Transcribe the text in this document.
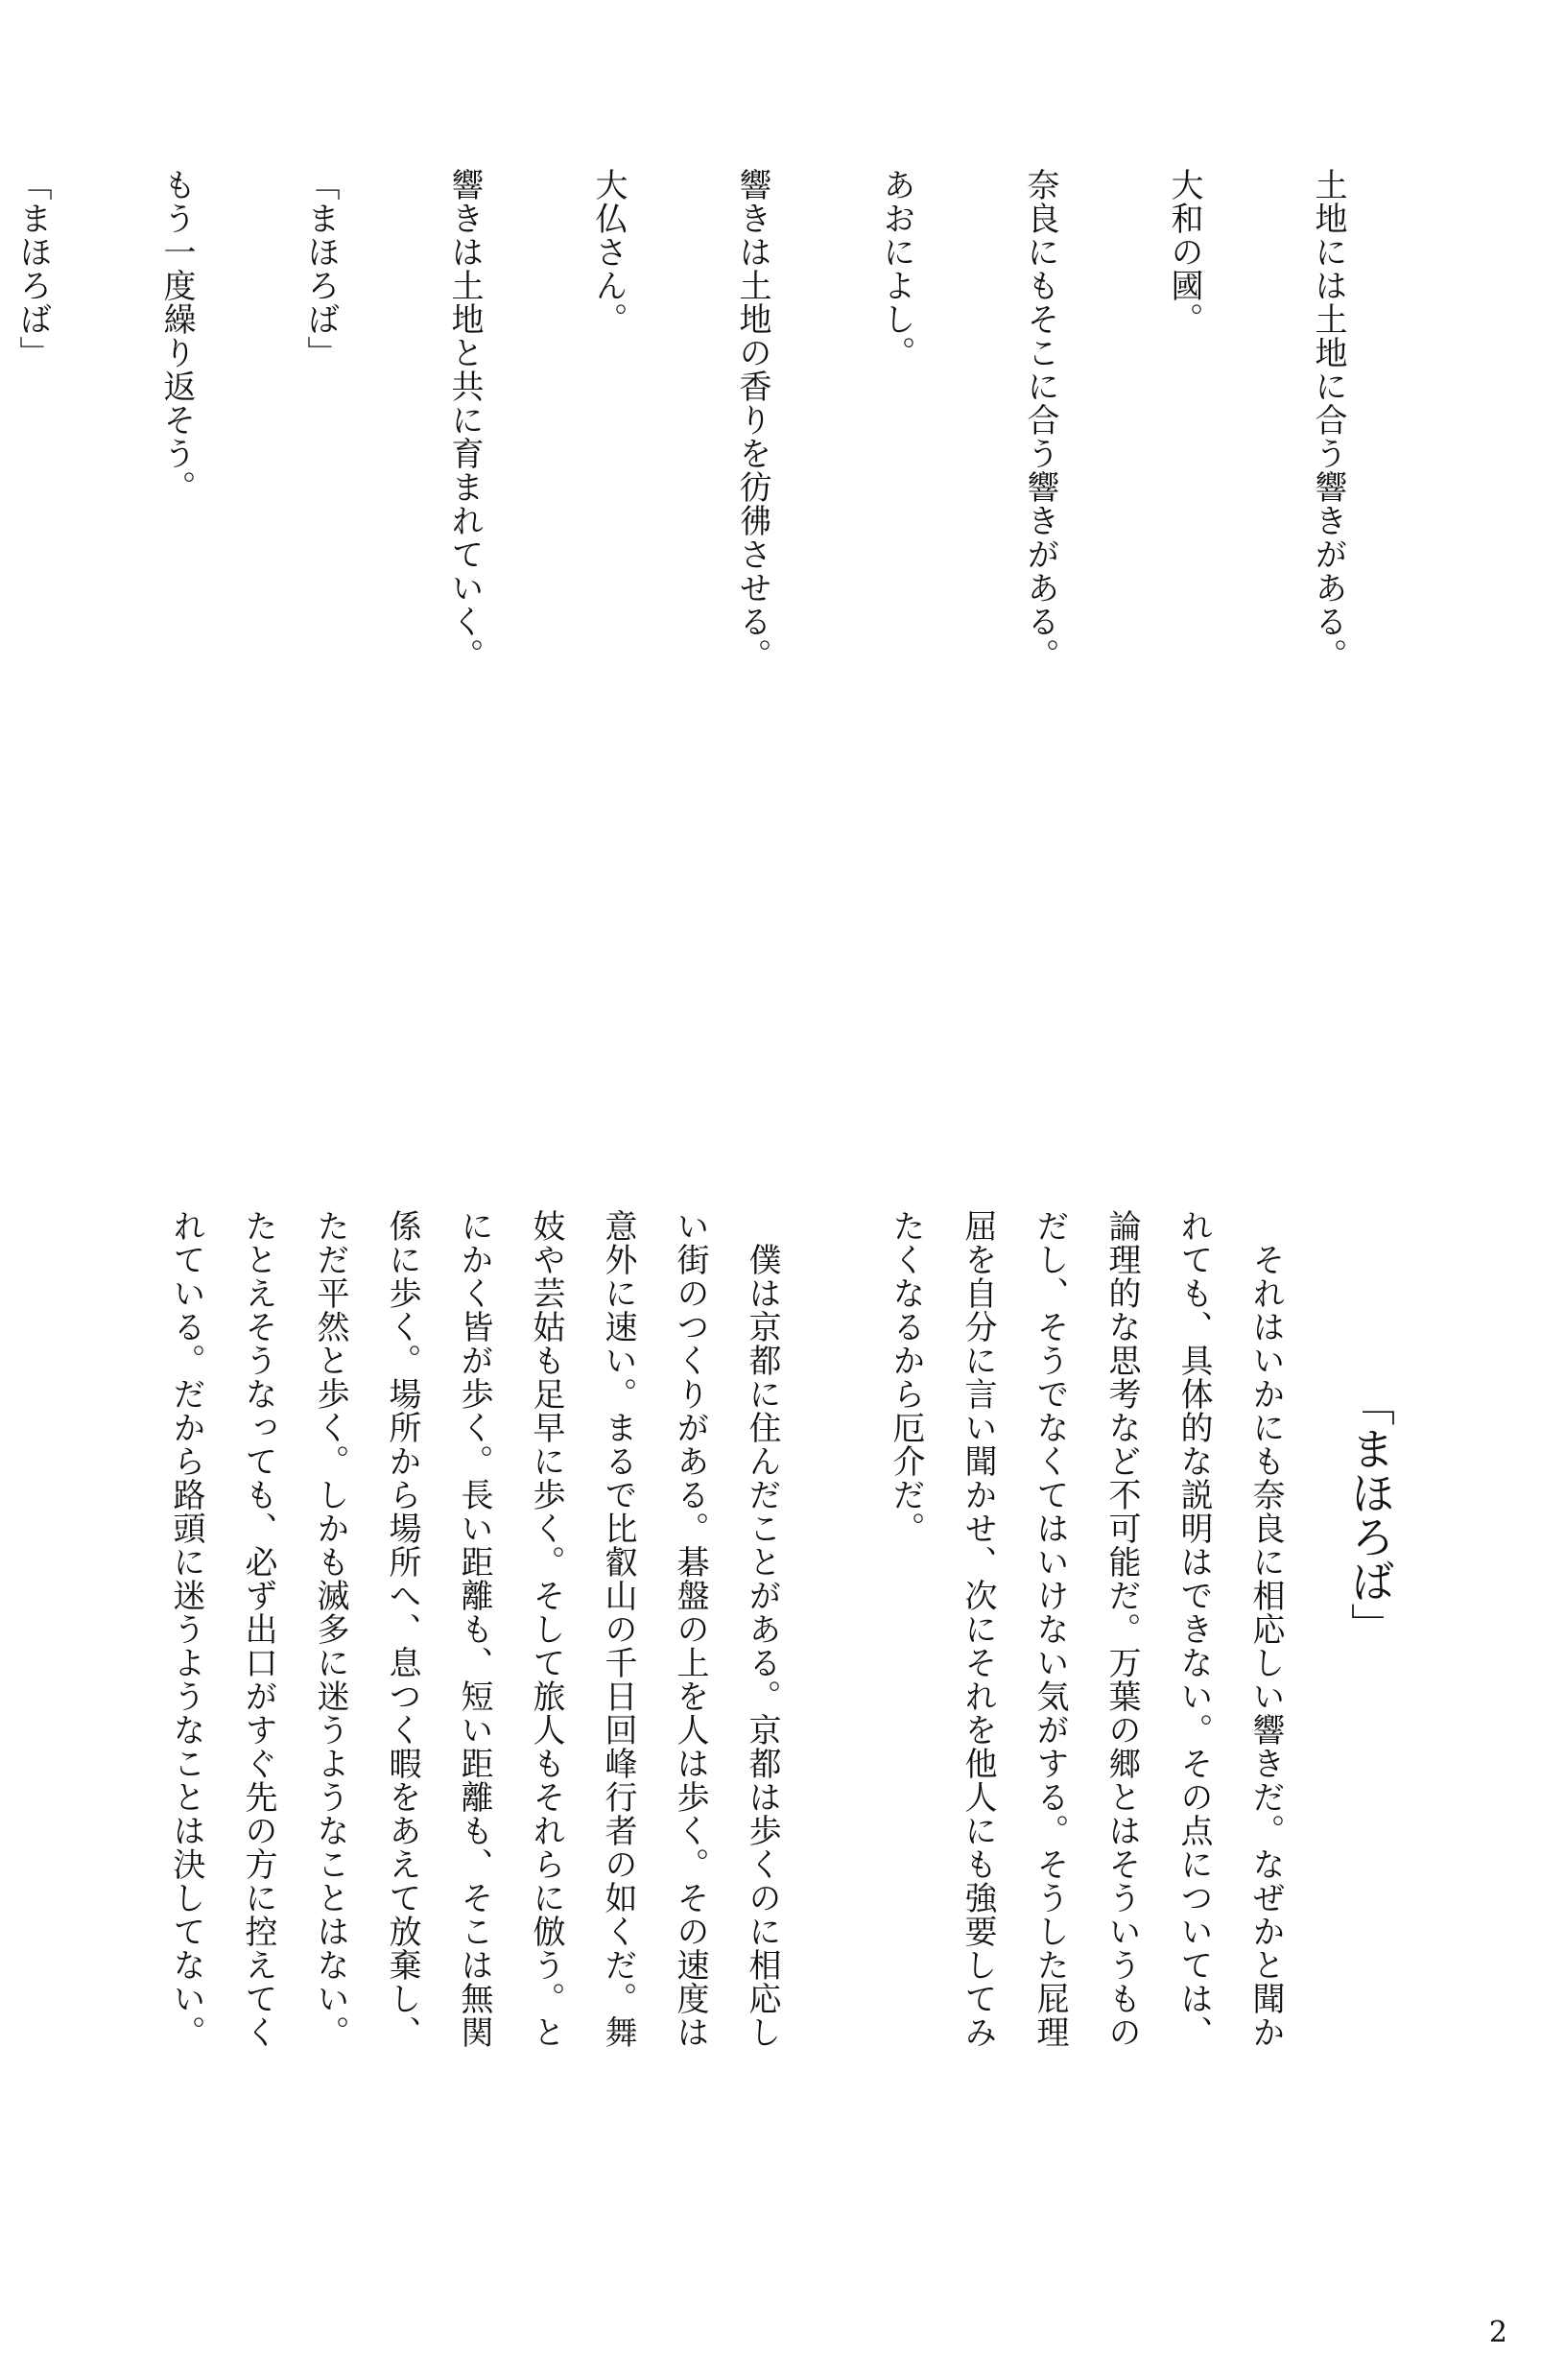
土地には土地に合う響きがある。

大和の國。

奈良にもそこに合う響きがある。

あおによし。

響きは土地の香りを彷彿させる。

大仏さん。

響きは土地と共に育まれていく。

「まほろば」

もう一度繰り返そう。

「まほろば」

「まほろば」

　それはいかにも奈良に相応しい響きだ。なぜかと聞か

れても、具体的な説明はできない。その点については、

論理的な思考など不可能だ。万葉の郷とはそういうもの

だし、そうでなくてはいけない気がする。そうした屁理

屈を自分に言い聞かせ、次にそれを他人にも強要してみ

たくなるから厄介だ。

　僕は京都に住んだことがある。京都は歩くのに相応し

い街のつくりがある。碁盤の上を人は歩く。その速度は

意外に速い。まるで比叡山の千日回峰行者の如くだ。舞

妓や芸姑も足早に歩く。そして旅人もそれらに倣う。と

にかく皆が歩く。長い距離も、短い距離も、そこは無関

係に歩く。場所から場所へ、息つく暇をあえて放棄し、

ただ平然と歩く。しかも滅多に迷うようなことはない。

たとえそうなっても、必ず出口がすぐ先の方に控えてく

れている。だから路頭に迷うようなことは決してない。

2
